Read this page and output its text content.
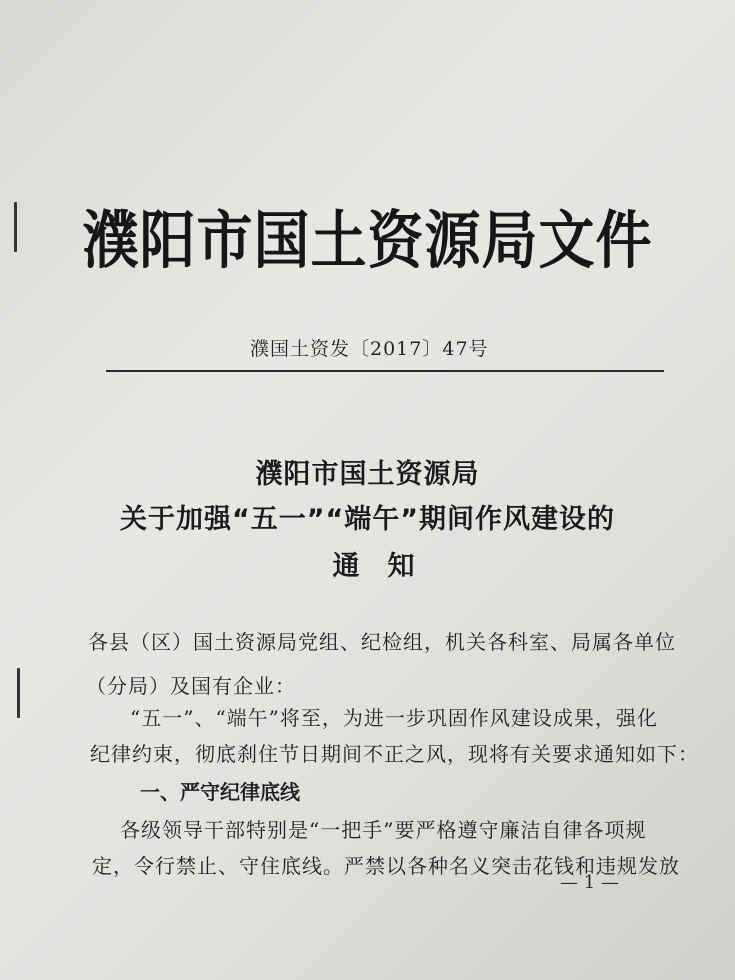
濮阳市国土资源局文件
濮国土资发〔2017〕47号
濮阳市国土资源局
关于加强“五一”“端午”期间作风建设的
通知
各县（区）国土资源局党组、纪检组，机关各科室、局属各单位
（分局）及国有企业：
“五一”、“端午”将至，为进一步巩固作风建设成果，强化
纪律约束，彻底刹住节日期间不正之风，现将有关要求通知如下：
一、严守纪律底线
各级领导干部特别是“一把手”要严格遵守廉洁自律各项规
定，令行禁止、守住底线。严禁以各种名义突击花钱和违规发放
— 1 —
